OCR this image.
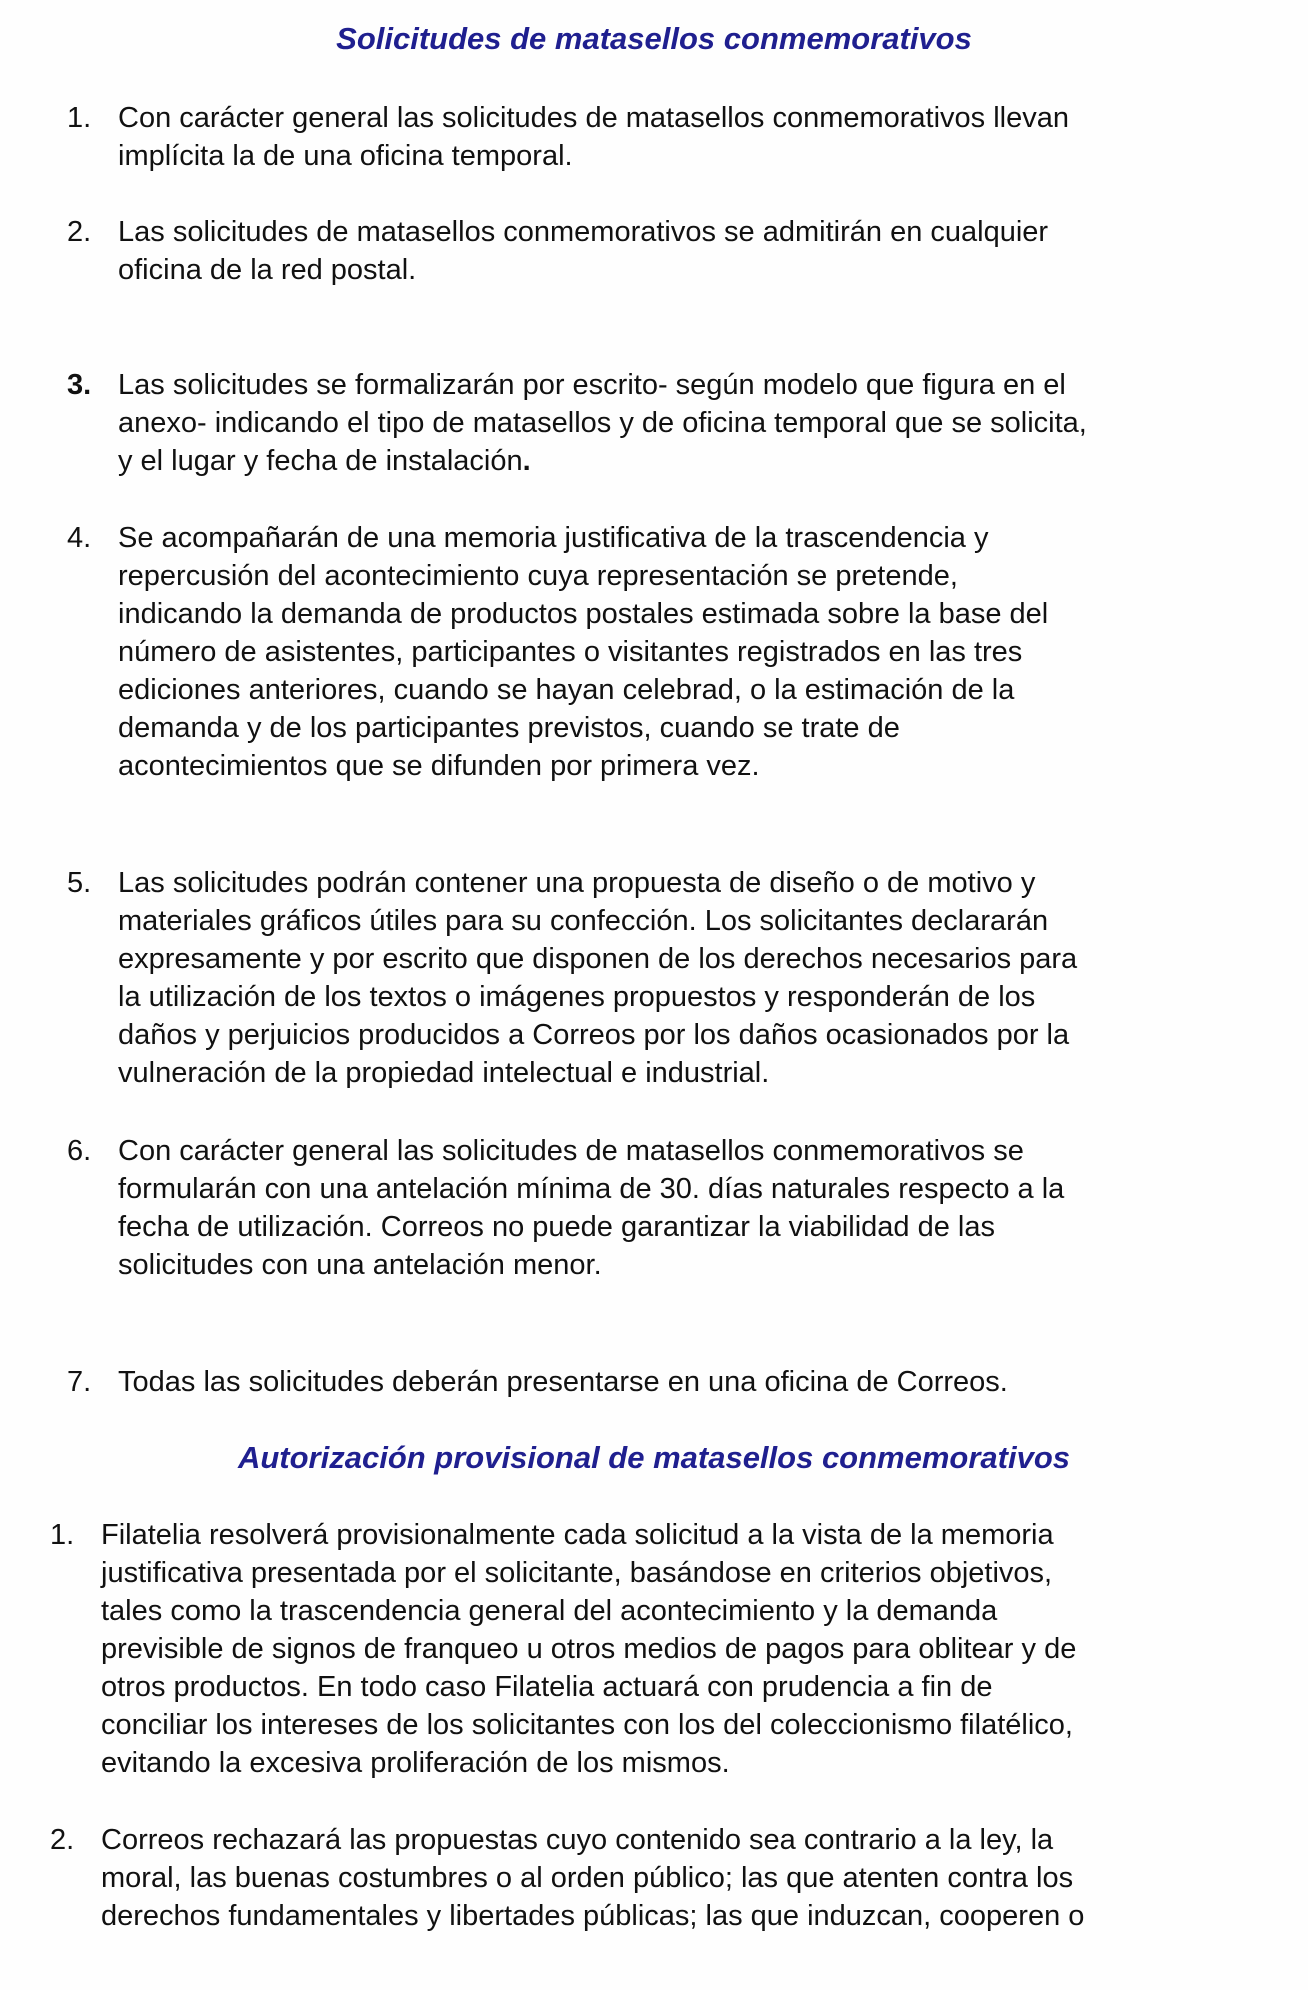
Solicitudes de matasellos conmemorativos
1. Con carácter general las solicitudes de matasellos conmemorativos llevan
implícita la de una oficina temporal.

2. Las solicitudes de matasellos conmemorativos se admitirán en cualquier
oficina de la red postal.

3. Las solicitudes se formalizarán por escrito- según modelo que figura en el
anexo- indicando el tipo de matasellos y de oficina temporal que se solicita,
y el lugar y fecha de instalación.

4. Se acompañarán de una memoria justificativa de la trascendencia y
repercusión del acontecimiento cuya representación se pretende,
indicando la demanda de productos postales estimada sobre la base del
número de asistentes, participantes o visitantes registrados en las tres
ediciones anteriores, cuando se hayan celebrad, o la estimación de la
demanda y de los participantes previstos, cuando se trate de
acontecimientos que se difunden por primera vez.

5. Las solicitudes podrán contener una propuesta de diseño o de motivo y
materiales gráficos útiles para su confección. Los solicitantes declararán
expresamente y por escrito que disponen de los derechos necesarios para
la utilización de los textos o imágenes propuestos y responderán de los
daños y perjuicios producidos a Correos por los daños ocasionados por la
vulneración de la propiedad intelectual e industrial.

6. Con carácter general las solicitudes de matasellos conmemorativos se
formularán con una antelación mínima de 30. días naturales respecto a la
fecha de utilización. Correos no puede garantizar la viabilidad de las
solicitudes con una antelación menor.

7. Todas las solicitudes deberán presentarse en una oficina de Correos.

Autorización provisional de matasellos conmemorativos
1. Filatelia resolverá provisionalmente cada solicitud a la vista de la memoria
justificativa presentada por el solicitante, basándose en criterios objetivos,
tales como la trascendencia general del acontecimiento y la demanda
previsible de signos de franqueo u otros medios de pagos para oblitear y de
otros productos. En todo caso Filatelia actuará con prudencia a fin de
conciliar los intereses de los solicitantes con los del coleccionismo filatélico,
evitando la excesiva proliferación de los mismos.

2. Correos rechazará las propuestas cuyo contenido sea contrario a la ley, la
moral, las buenas costumbres o al orden público; las que atenten contra los
derechos fundamentales y libertades públicas; las que induzcan, cooperen o
